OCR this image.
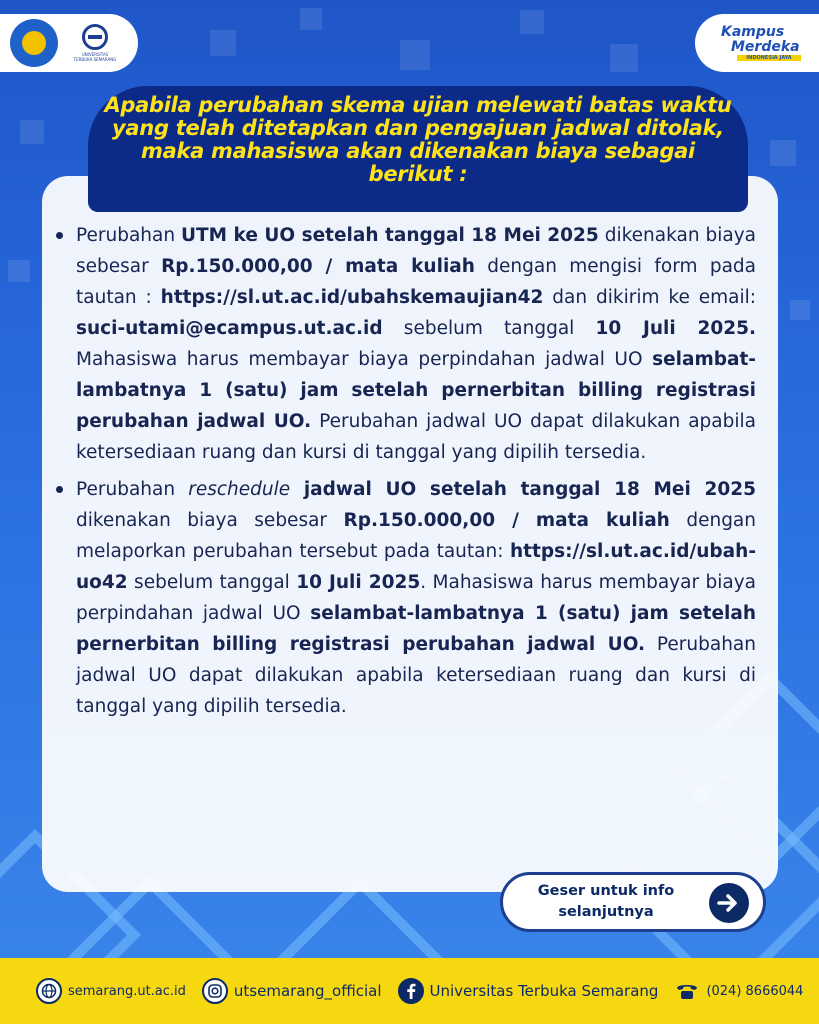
UNIVERSITAS TERBUKA SEMARANG
Kampus
Merdeka
INDONESIA JAYA
Apabila perubahan skema ujian melewati batas waktu yang telah ditetapkan dan pengajuan jadwal ditolak, maka mahasiswa akan dikenakan biaya sebagai berikut :

Perubahan UTM ke UO setelah tanggal 18 Mei 2025 dikenakan biaya sebesar Rp.150.000,00 / mata kuliah dengan mengisi form pada tautan : https://sl.ut.ac.id/ubahskemaujian42 dan dikirim ke email: suci-utami@ecampus.ut.ac.id sebelum tanggal 10 Juli 2025. Mahasiswa harus membayar biaya perpindahan jadwal UO selambat-lambatnya 1 (satu) jam setelah pernerbitan billing registrasi perubahan jadwal UO. Perubahan jadwal UO dapat dilakukan apabila ketersediaan ruang dan kursi di tanggal yang dipilih tersedia.

Perubahan reschedule jadwal UO setelah tanggal 18 Mei 2025 dikenakan biaya sebesar Rp.150.000,00 / mata kuliah dengan melaporkan perubahan tersebut pada tautan: https://sl.ut.ac.id/ubah-uo42 sebelum tanggal 10 Juli 2025. Mahasiswa harus membayar biaya perpindahan jadwal UO selambat-lambatnya 1 (satu) jam setelah pernerbitan billing registrasi perubahan jadwal UO. Perubahan jadwal UO dapat dilakukan apabila ketersediaan ruang dan kursi di tanggal yang dipilih tersedia.

Geser untuk info
selanjutnya
semarang.ut.ac.id	utsemarang_official	Universitas Terbuka Semarang	(024) 8666044
